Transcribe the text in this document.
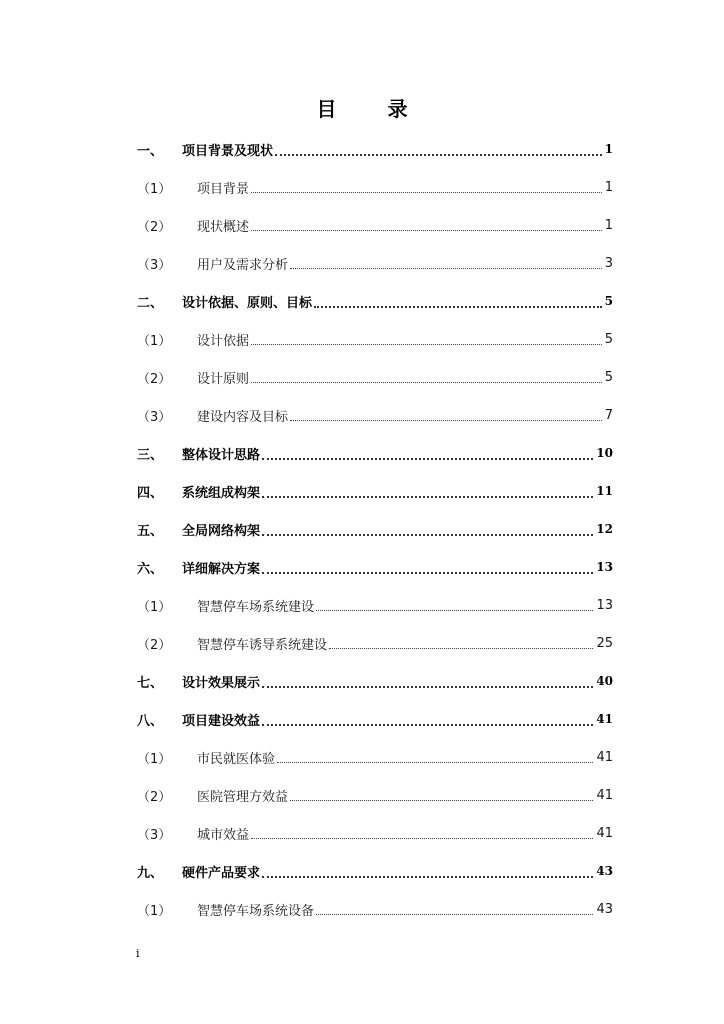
目 录
一、	项目背景及现状	1
（1）	项目背景	1
（2）	现状概述	1
（3）	用户及需求分析	3
二、	设计依据、原则、目标	5
（1）	设计依据	5
（2）	设计原则	5
（3）	建设内容及目标	7
三、	整体设计思路	10
四、	系统组成构架	11
五、	全局网络构架	12
六、	详细解决方案	13
（1）	智慧停车场系统建设	13
（2）	智慧停车诱导系统建设	25
七、	设计效果展示	40
八、	项目建设效益	41
（1）	市民就医体验	41
（2）	医院管理方效益	41
（3）	城市效益	41
九、	硬件产品要求	43
（1）	智慧停车场系统设备	43
i
